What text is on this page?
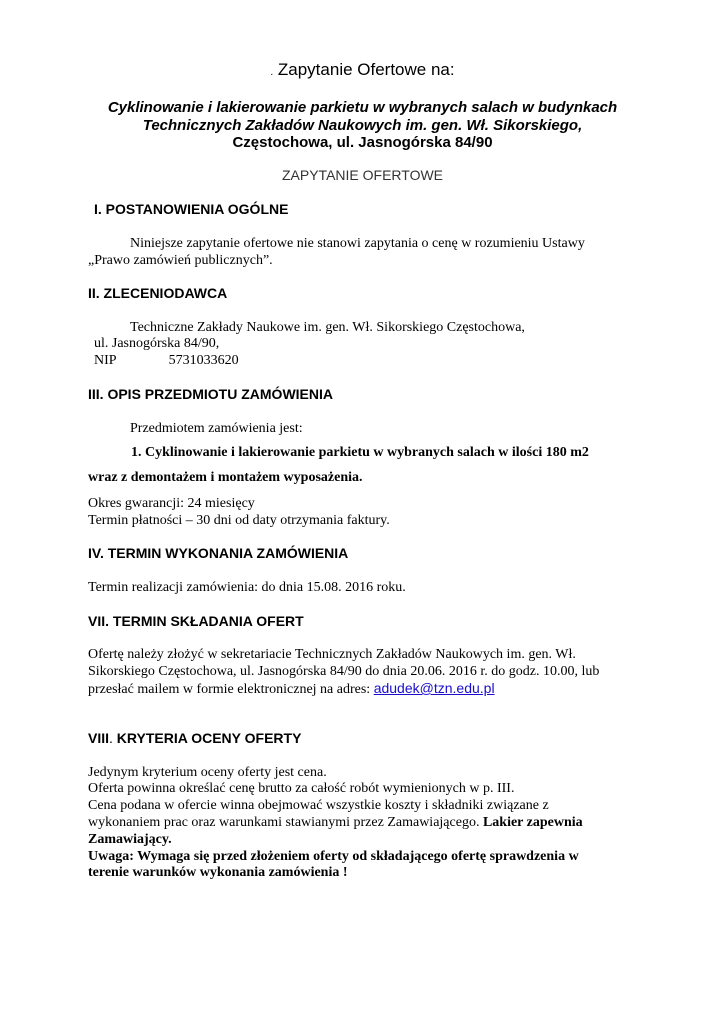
. Zapytanie Ofertowe na:
Cyklinowanie i lakierowanie parkietu w wybranych salach w budynkach
Technicznych Zakładów Naukowych im. gen. Wł. Sikorskiego,
Częstochowa, ul. Jasnogórska 84/90
ZAPYTANIE OFERTOWE
I. POSTANOWIENIA OGÓLNE
Niniejsze zapytanie ofertowe nie stanowi zapytania o cenę w rozumieniu Ustawy
„Prawo zamówień publicznych”.
II. ZLECENIODAWCA
Techniczne Zakłady Naukowe im. gen. Wł. Sikorskiego Częstochowa,
ul. Jasnogórska 84/90,
NIP	5731033620
III. OPIS PRZEDMIOTU ZAMÓWIENIA
Przedmiotem zamówienia jest:
1. Cyklinowanie i lakierowanie parkietu w wybranych salach w ilości 180 m2
wraz z demontażem i montażem wyposażenia.
Okres gwarancji: 24 miesięcy
Termin płatności – 30 dni od daty otrzymania faktury.
IV. TERMIN WYKONANIA ZAMÓWIENIA
Termin realizacji zamówienia: do dnia 15.08. 2016 roku.
VII. TERMIN SKŁADANIA OFERT
Ofertę należy złożyć w sekretariacie Technicznych Zakładów Naukowych im. gen. Wł.
Sikorskiego Częstochowa, ul. Jasnogórska 84/90 do dnia 20.06. 2016 r. do godz. 10.00, lub
przesłać mailem w formie elektronicznej na adres: adudek@tzn.edu.pl
VIII. KRYTERIA OCENY OFERTY
Jedynym kryterium oceny oferty jest cena.
Oferta powinna określać cenę brutto za całość robót wymienionych w p. III.
Cena podana w ofercie winna obejmować wszystkie koszty i składniki związane z
wykonaniem prac oraz warunkami stawianymi przez Zamawiającego. Lakier zapewnia
Zamawiający.
Uwaga: Wymaga się przed złożeniem oferty od składającego ofertę sprawdzenia w
terenie warunków wykonania zamówienia !
